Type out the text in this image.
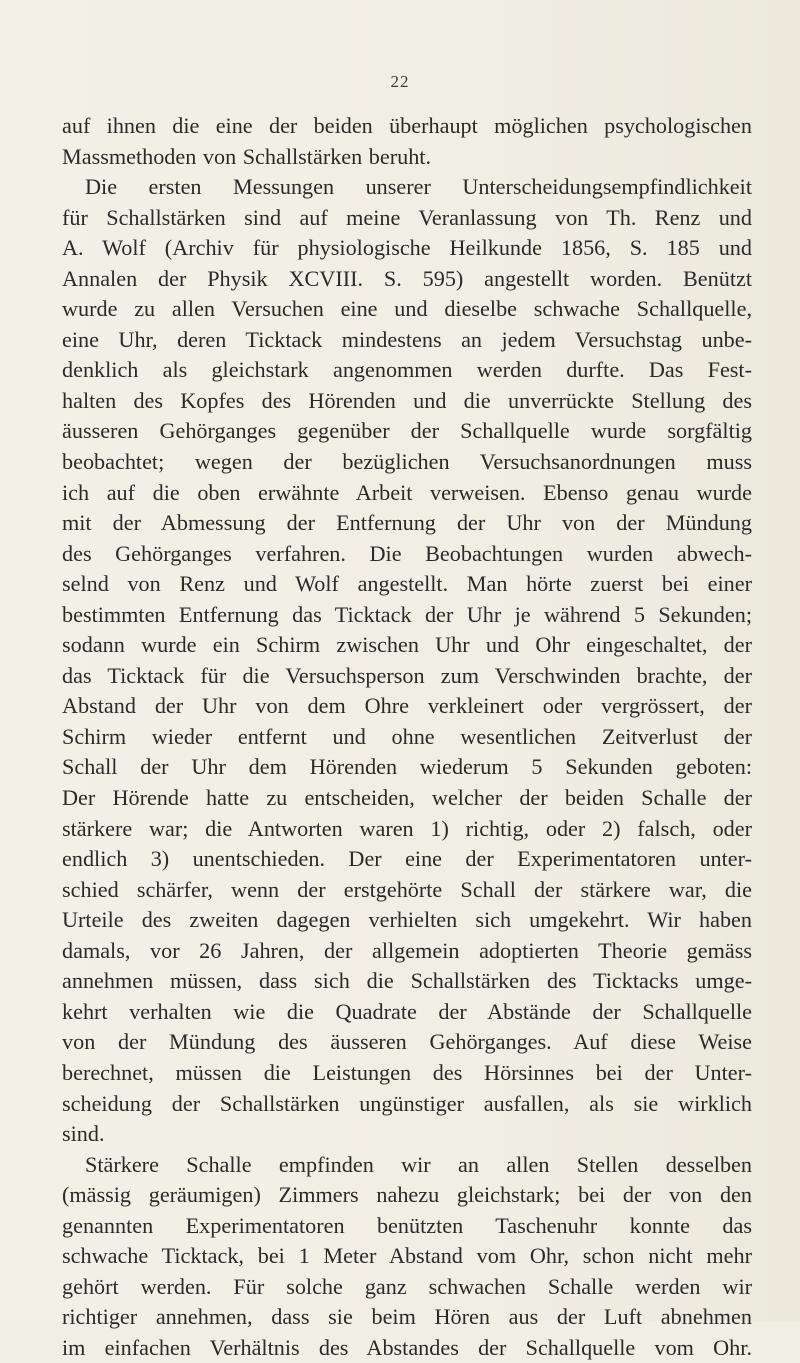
22
auf ihnen die eine der beiden überhaupt möglichen psychologischen
Massmethoden von Schallstärken beruht.
Die ersten Messungen unserer Unterscheidungsempfindlichkeit
für Schallstärken sind auf meine Veranlassung von Th. Renz und
A. Wolf (Archiv für physiologische Heilkunde 1856, S. 185 und
Annalen der Physik XCVIII. S. 595) angestellt worden. Benützt
wurde zu allen Versuchen eine und dieselbe schwache Schallquelle,
eine Uhr, deren Ticktack mindestens an jedem Versuchstag unbe-
denklich als gleichstark angenommen werden durfte. Das Fest-
halten des Kopfes des Hörenden und die unverrückte Stellung des
äusseren Gehörganges gegenüber der Schallquelle wurde sorgfältig
beobachtet; wegen der bezüglichen Versuchsanordnungen muss
ich auf die oben erwähnte Arbeit verweisen. Ebenso genau wurde
mit der Abmessung der Entfernung der Uhr von der Mündung
des Gehörganges verfahren. Die Beobachtungen wurden abwech-
selnd von Renz und Wolf angestellt. Man hörte zuerst bei einer
bestimmten Entfernung das Ticktack der Uhr je während 5 Sekunden;
sodann wurde ein Schirm zwischen Uhr und Ohr eingeschaltet, der
das Ticktack für die Versuchsperson zum Verschwinden brachte, der
Abstand der Uhr von dem Ohre verkleinert oder vergrössert, der
Schirm wieder entfernt und ohne wesentlichen Zeitverlust der
Schall der Uhr dem Hörenden wiederum 5 Sekunden geboten:
Der Hörende hatte zu entscheiden, welcher der beiden Schalle der
stärkere war; die Antworten waren 1) richtig, oder 2) falsch, oder
endlich 3) unentschieden. Der eine der Experimentatoren unter-
schied schärfer, wenn der erstgehörte Schall der stärkere war, die
Urteile des zweiten dagegen verhielten sich umgekehrt. Wir haben
damals, vor 26 Jahren, der allgemein adoptierten Theorie gemäss
annehmen müssen, dass sich die Schallstärken des Ticktacks umge-
kehrt verhalten wie die Quadrate der Abstände der Schallquelle
von der Mündung des äusseren Gehörganges. Auf diese Weise
berechnet, müssen die Leistungen des Hörsinnes bei der Unter-
scheidung der Schallstärken ungünstiger ausfallen, als sie wirklich
sind.
Stärkere Schalle empfinden wir an allen Stellen desselben
(mässig geräumigen) Zimmers nahezu gleichstark; bei der von den
genannten Experimentatoren benützten Taschenuhr konnte das
schwache Ticktack, bei 1 Meter Abstand vom Ohr, schon nicht mehr
gehört werden. Für solche ganz schwachen Schalle werden wir
richtiger annehmen, dass sie beim Hören aus der Luft abnehmen
im einfachen Verhältnis des Abstandes der Schallquelle vom Ohr.
